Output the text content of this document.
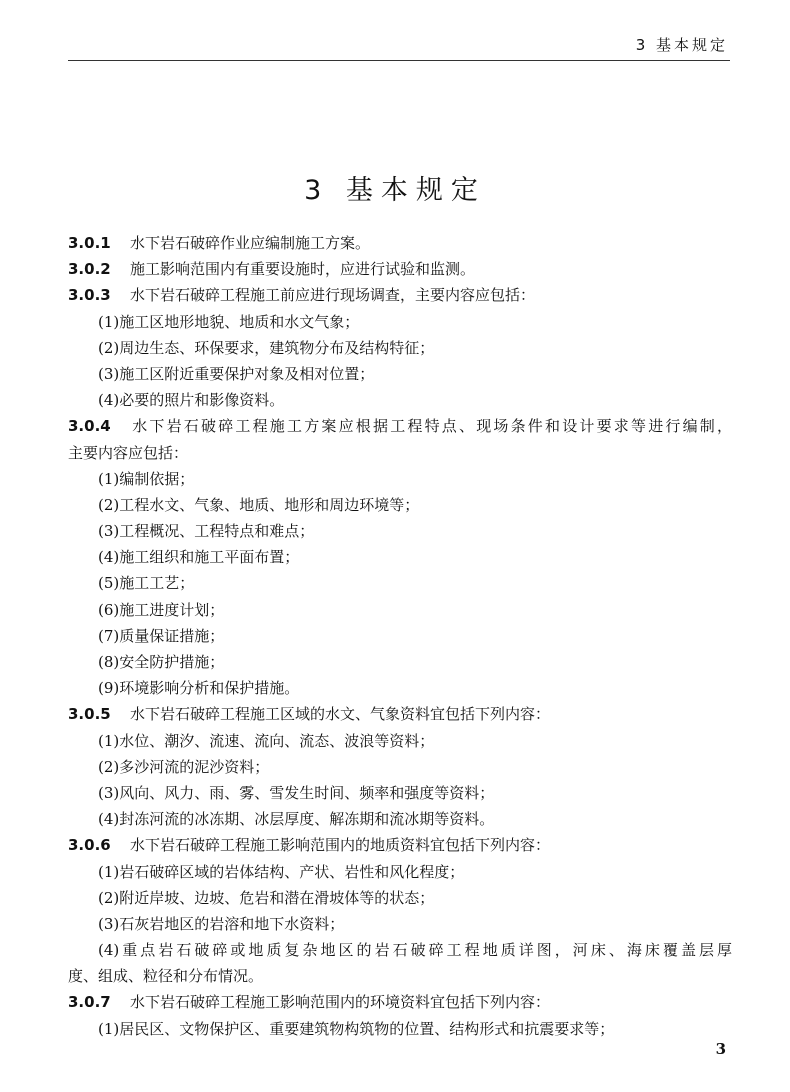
3 基本规定
3 基本规定
3.0.1 水下岩石破碎作业应编制施工方案。
3.0.2 施工影响范围内有重要设施时，应进行试验和监测。
3.0.3 水下岩石破碎工程施工前应进行现场调查，主要内容应包括：
(1)施工区地形地貌、地质和水文气象；
(2)周边生态、环保要求，建筑物分布及结构特征；
(3)施工区附近重要保护对象及相对位置；
(4)必要的照片和影像资料。
3.0.4 水下岩石破碎工程施工方案应根据工程特点、现场条件和设计要求等进行编制，
主要内容应包括：
(1)编制依据；
(2)工程水文、气象、地质、地形和周边环境等；
(3)工程概况、工程特点和难点；
(4)施工组织和施工平面布置；
(5)施工工艺；
(6)施工进度计划；
(7)质量保证措施；
(8)安全防护措施；
(9)环境影响分析和保护措施。
3.0.5 水下岩石破碎工程施工区域的水文、气象资料宜包括下列内容：
(1)水位、潮汐、流速、流向、流态、波浪等资料；
(2)多沙河流的泥沙资料；
(3)风向、风力、雨、雾、雪发生时间、频率和强度等资料；
(4)封冻河流的冰冻期、冰层厚度、解冻期和流冰期等资料。
3.0.6 水下岩石破碎工程施工影响范围内的地质资料宜包括下列内容：
(1)岩石破碎区域的岩体结构、产状、岩性和风化程度；
(2)附近岸坡、边坡、危岩和潜在滑坡体等的状态；
(3)石灰岩地区的岩溶和地下水资料；
(4)重点岩石破碎或地质复杂地区的岩石破碎工程地质详图，河床、海床覆盖层厚
度、组成、粒径和分布情况。
3.0.7 水下岩石破碎工程施工影响范围内的环境资料宜包括下列内容：
(1)居民区、文物保护区、重要建筑物构筑物的位置、结构形式和抗震要求等；
3
